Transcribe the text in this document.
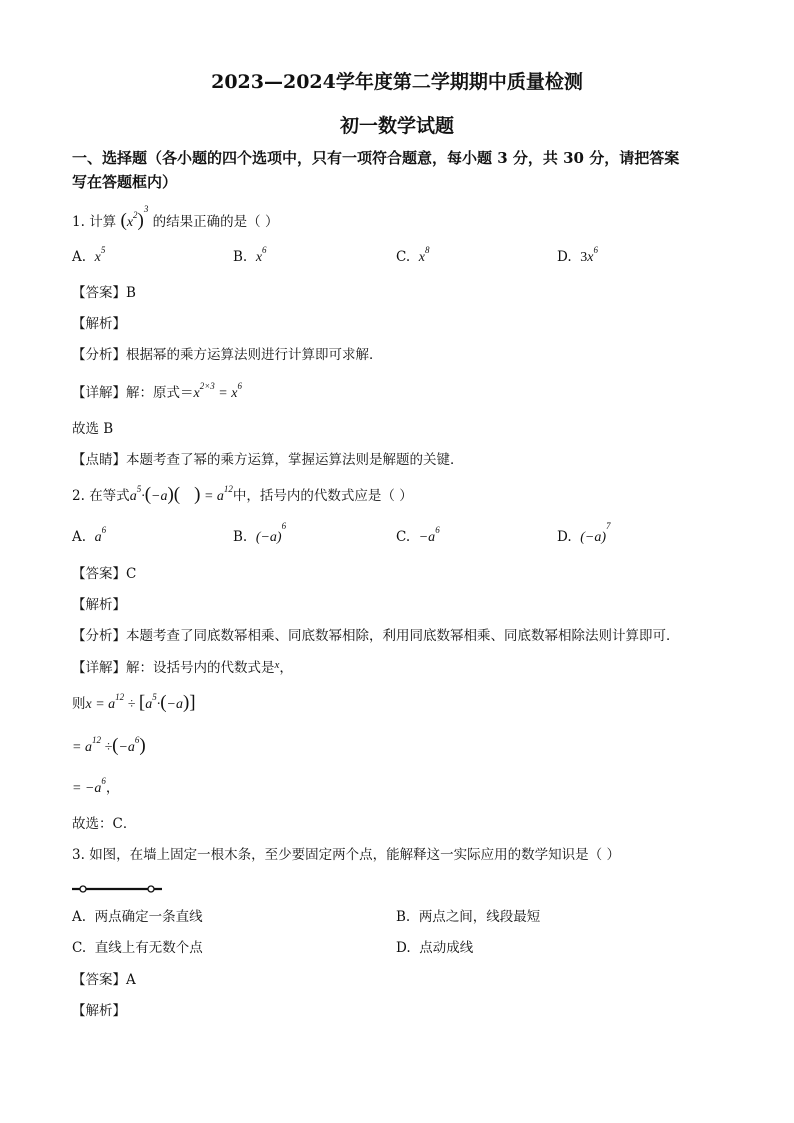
2023—2024学年度第二学期期中质量检测
初一数学试题
一、选择题（各小题的四个选项中，只有一项符合题意，每小题 3 分，共 30 分，请把答案
写在答题框内）
1. 计算 $(x^2)^3$ 的结果正确的是（ ）
A. $x^5$	B. $x^6$	C. $x^8$	D. $3x^6$
【答案】B
【解析】
【分析】根据幂的乘方运算法则进行计算即可求解．
【详解】解：原式$=x^{2\times 3} = x^6$
故选 B
【点睛】本题考查了幂的乘方运算，掌握运算法则是解题的关键．
2. 在等式$a^5\cdot(-a)$( ) = $a^{12}$中，括号内的代数式应是（ ）
A. $a^6$	B. $(-a)^6$
C. $-a^6$	D. $(-a)^7$
【答案】C
【解析】
【分析】本题考查了同底数幂相乘、同底数幂相除，利用同底数幂相乘、同底数幂相除法则计算即可．
【详解】解：设括号内的代数式是$^x$，
则$x = a^{12} \div [a^5\cdot(-a)]$
= $a^{12} \div(-a^6)$
= $-a^6$，
故选：C．
3. 如图，在墙上固定一根木条，至少要固定两个点，能解释这一实际应用的数学知识是（ ）
A. 两点确定一条直线	B. 两点之间，线段最短
C. 直线上有无数个点	D. 点动成线
【答案】A
【解析】
